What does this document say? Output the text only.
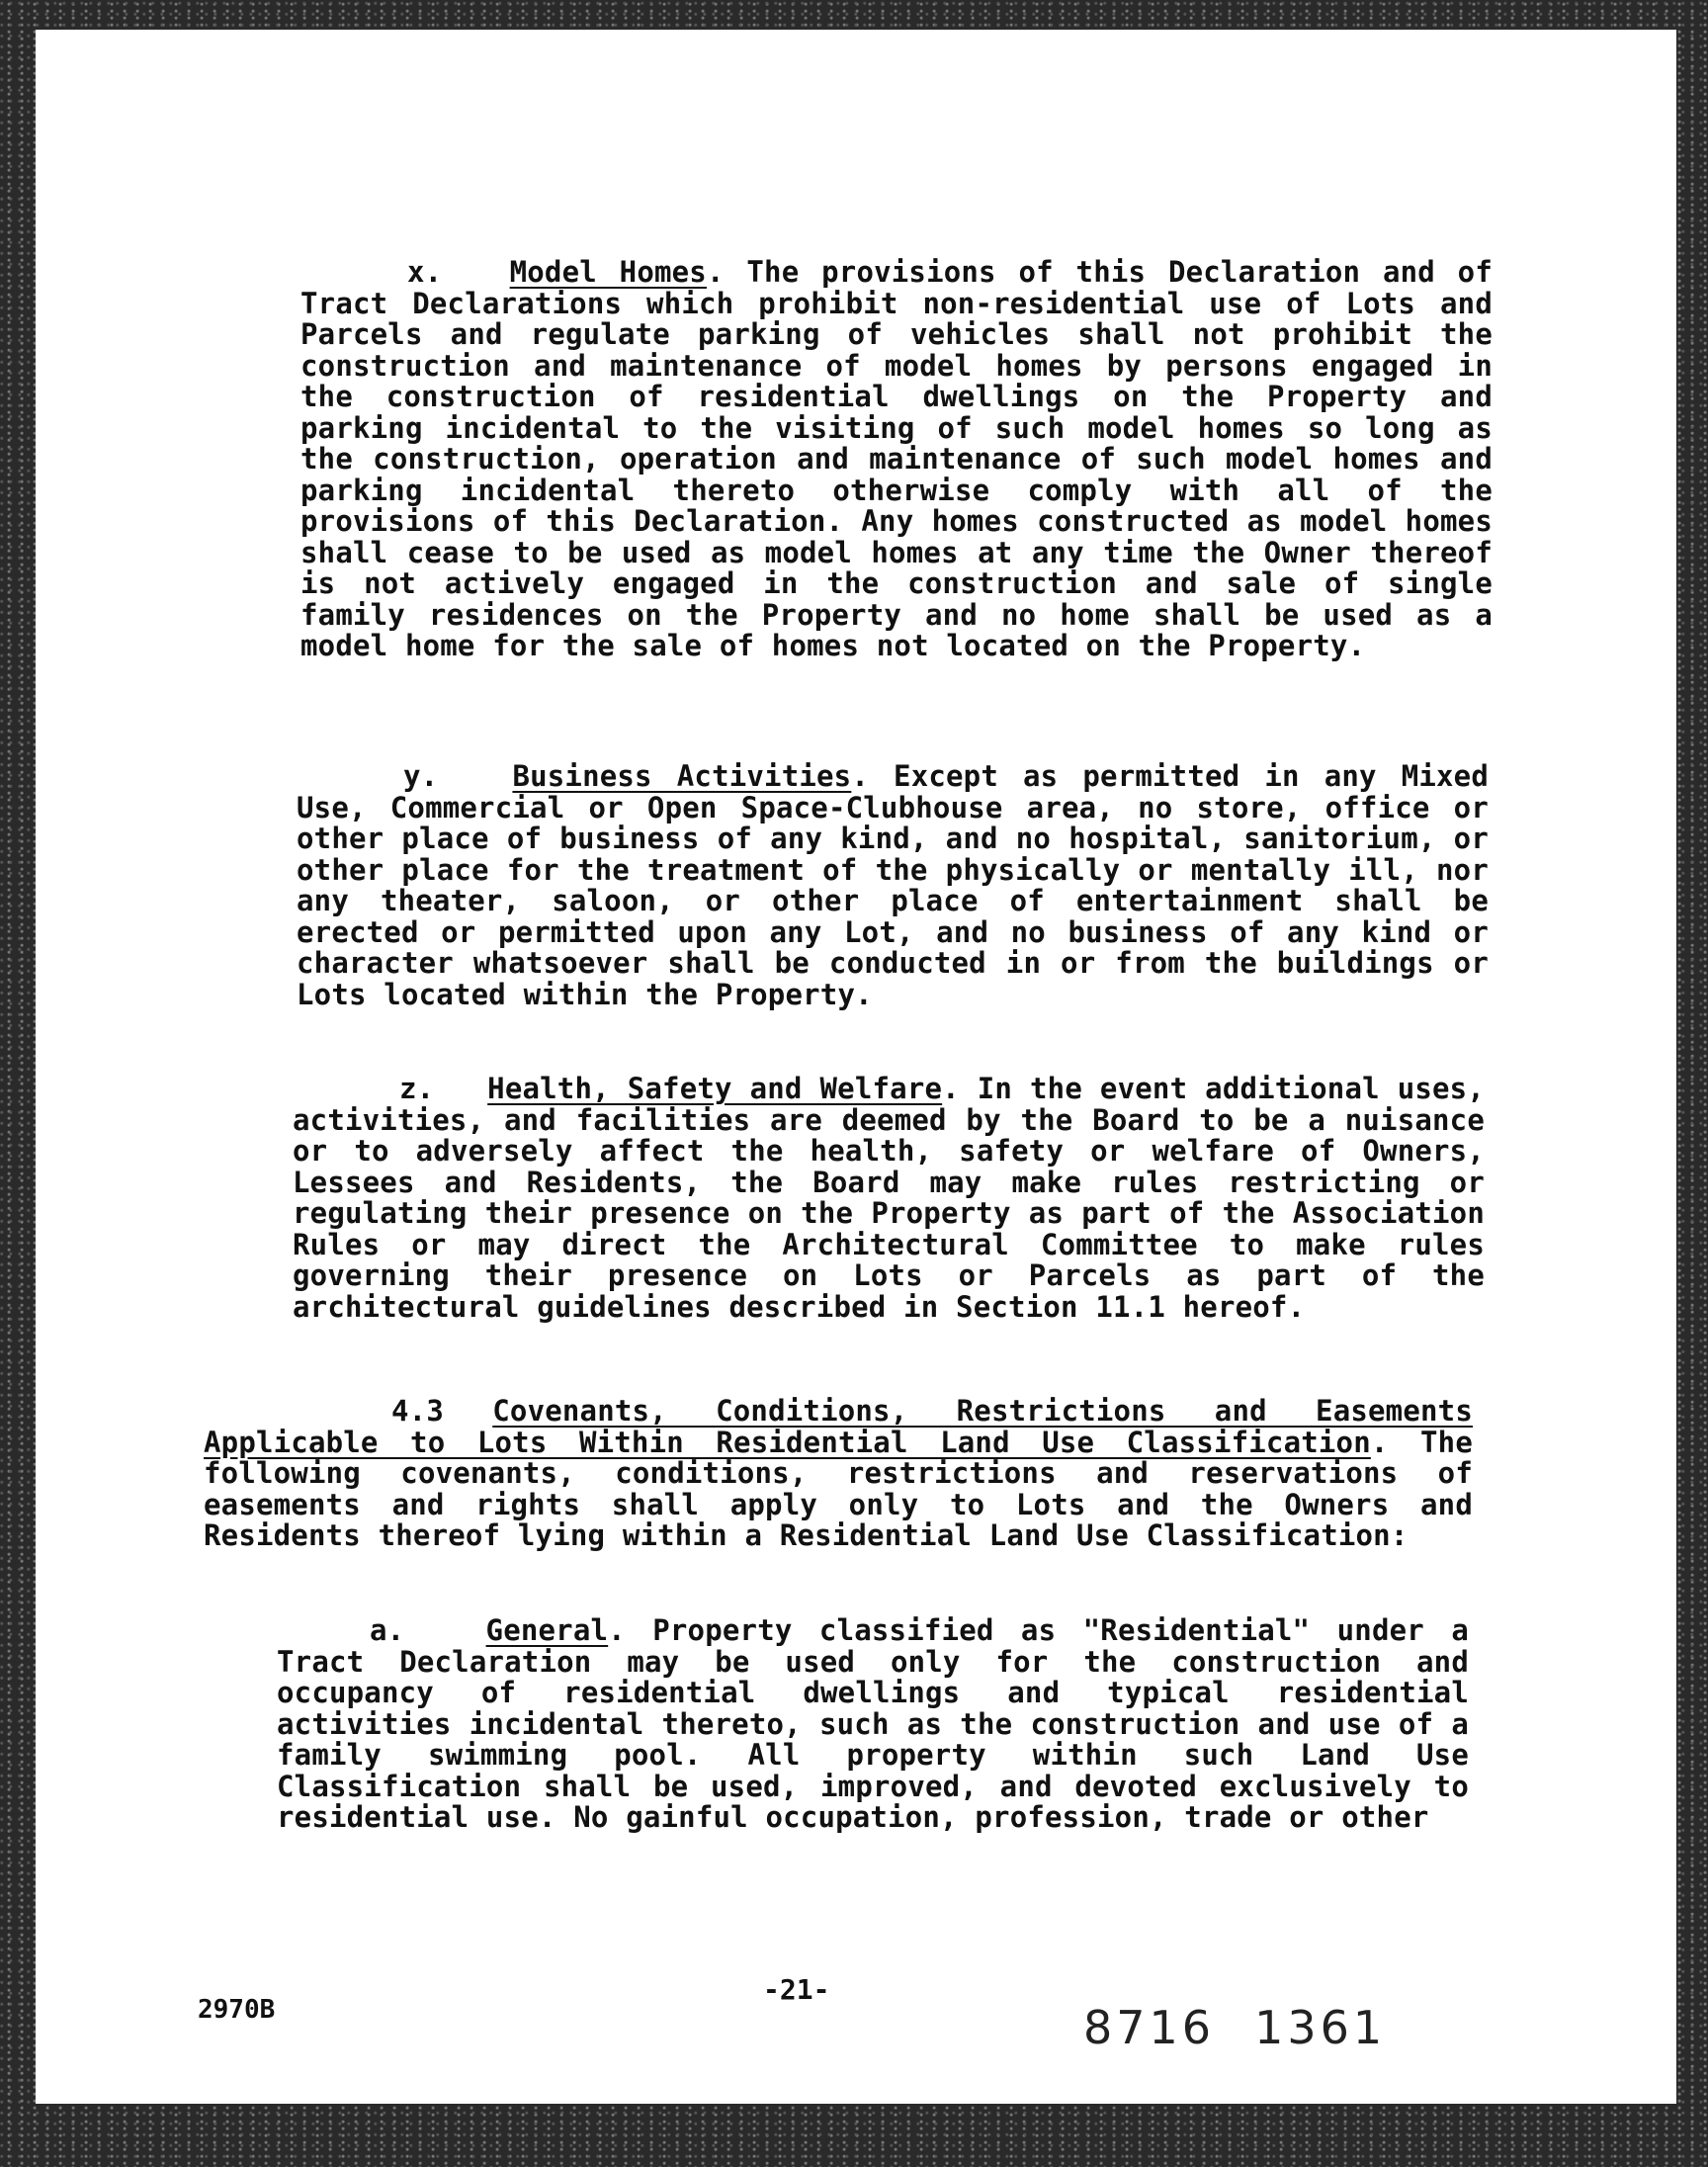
x. Model Homes. The provisions of this Declaration and of Tract Declarations which prohibit non-residential use of Lots and Parcels and regulate parking of vehicles shall not prohibit the construction and maintenance of model homes by persons engaged in the construction of residential dwellings on the Property and parking incidental to the visiting of such model homes so long as the construction, operation and maintenance of such model homes and parking incidental thereto otherwise comply with all of the provisions of this Declaration. Any homes constructed as model homes shall cease to be used as model homes at any time the Owner thereof is not actively engaged in the construction and sale of single family residences on the Property and no home shall be used as a model home for the sale of homes not located on the Property.

y.	Business Activities. Except as permitted in any Mixed Use, Commercial or Open Space-Clubhouse area, no store, office or other place of business of any kind, and no hospital, sanitorium, or other place for the treatment of the physically or mentally ill, nor any theater, saloon, or other place of entertainment shall be erected or permitted upon any Lot, and no business of any kind or character whatsoever shall be conducted in or from the buildings or Lots located within the Property.

z. Health, Safety and Welfare. In the event additional uses, activities, and facilities are deemed by the Board to be a nuisance or to adversely affect the health, safety or welfare of Owners, Lessees and Residents, the Board may make rules restricting or regulating their presence on the Property as part of the Association Rules or may direct the Architectural Committee to make rules governing their presence on Lots or Parcels as part of the architectural guidelines described in Section 11.1 hereof.

4.3 Covenants, Conditions, Restrictions and Easements Applicable to Lots Within Residential Land Use Classification. The following covenants, conditions, restrictions and reservations of easements and rights shall apply only to Lots and the Owners and Residents thereof lying within a Residential Land Use Classification:

a.	General. Property classified as "Residential" under a Tract Declaration may be used only for the construction and occupancy of residential dwellings and typical residential activities incidental thereto, such as the construction and use of a family swimming pool. All property within such Land Use Classification shall be used, improved, and devoted exclusively to residential use. No gainful occupation, profession, trade or other

2970B
-21-
8716 1361
